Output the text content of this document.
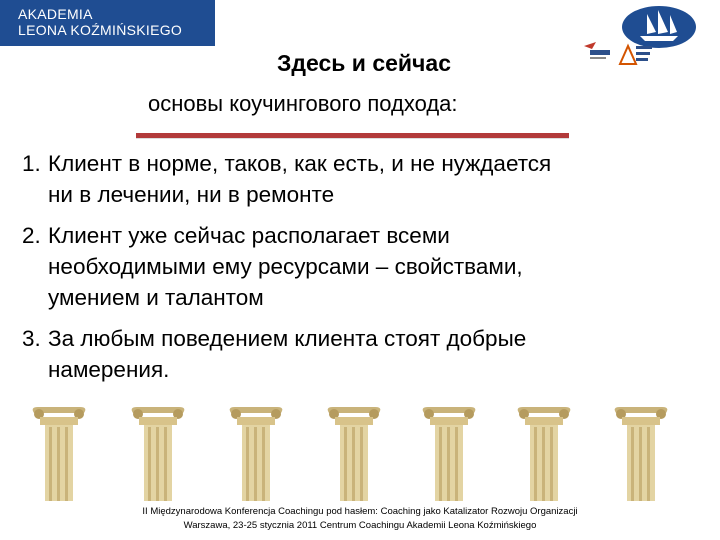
AKADEMIA
LEONA KOŹMIŃSKIEGO
Здесь и сейчас
основы коучингового подхода:
1. Клиент в норме, таков, как есть, и не нуждается
ни в лечении, ни в ремонте
2. Клиент уже сейчас располагает всеми
необходимыми ему ресурсами – свойствами,
умением и талантом
3. За любым поведением клиента стоят добрые
намерения.
II Międzynarodowa Konferencja Coachingu pod hasłem: Coaching jako Katalizator Rozwoju Organizacji
Warszawa, 23-25 stycznia 2011 Centrum Coachingu Akademii Leona Koźmińskiego
